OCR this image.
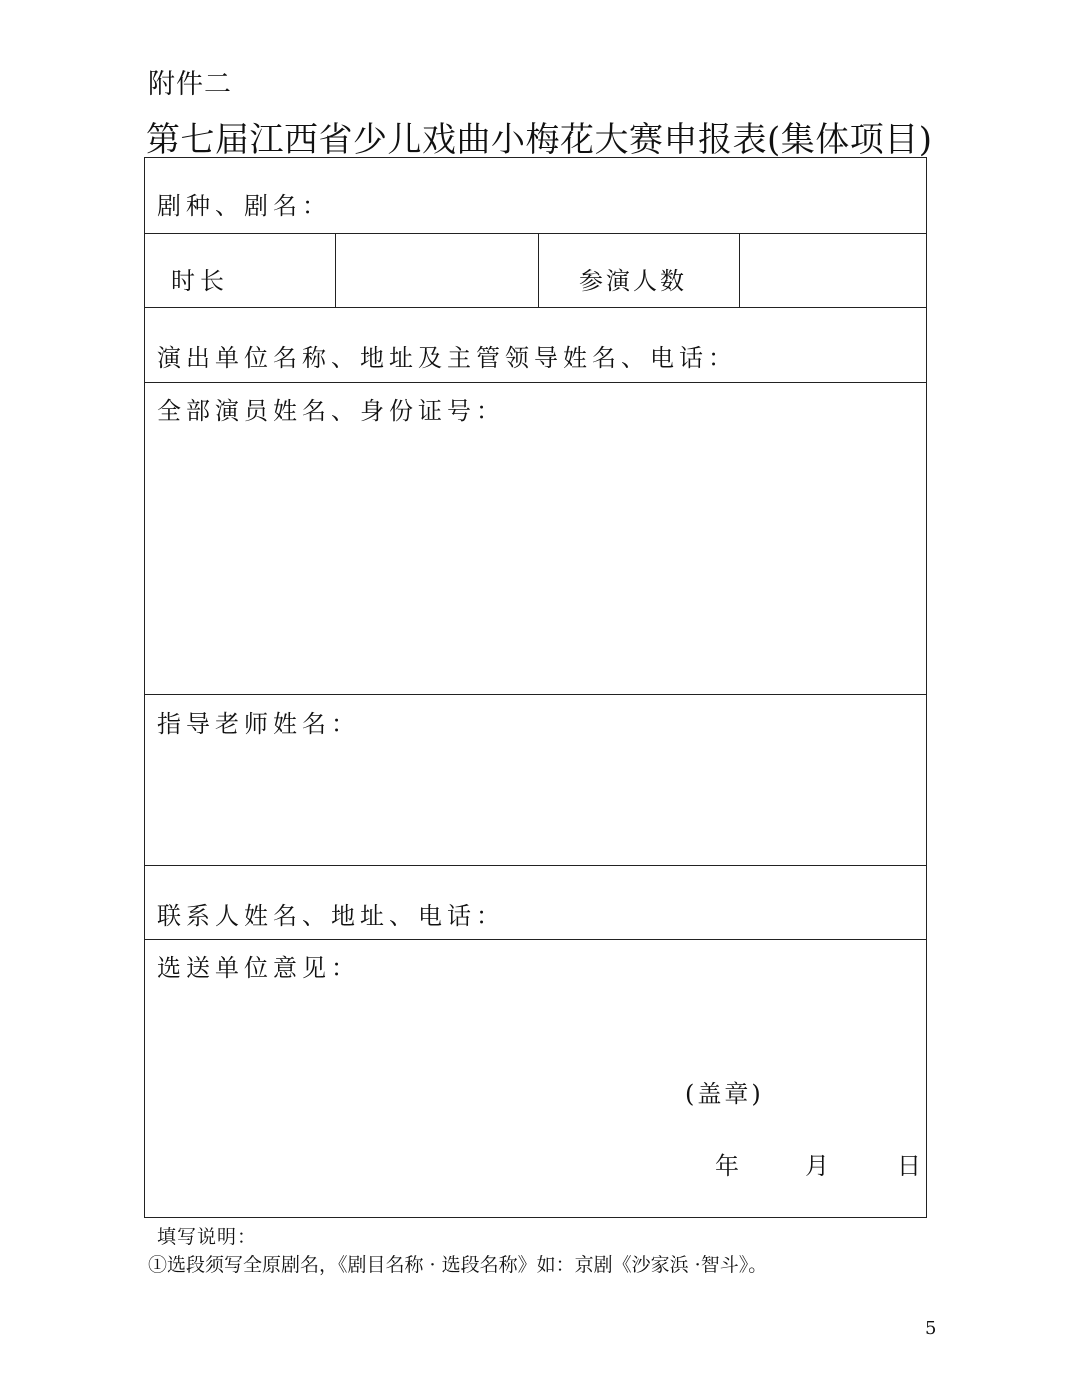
附件二
第七届江西省少儿戏曲小梅花大赛申报表(集体项目)
剧种、剧名：
时长	参演人数
演出单位名称、地址及主管领导姓名、电话：
全部演员姓名、身份证号：
指导老师姓名：
联系人姓名、地址、电话：
选送单位意见：
(盖章)
年	月	日
填写说明：
①选段须写全原剧名，《剧目名称 · 选段名称》如：京剧《沙家浜 ·智斗》。
5
